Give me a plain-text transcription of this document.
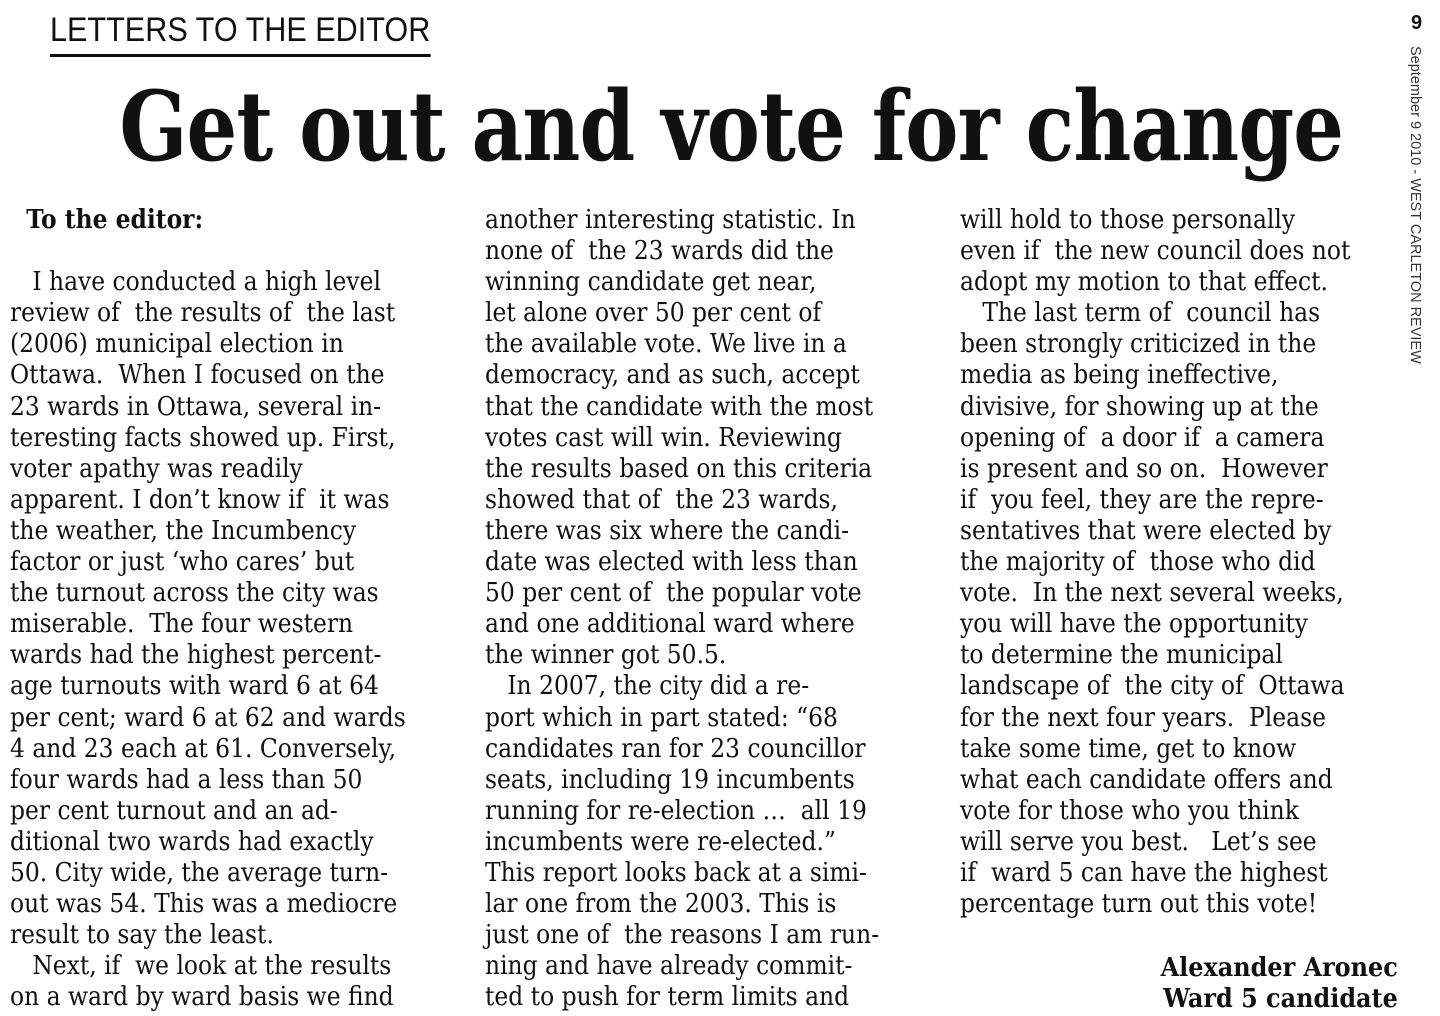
LETTERS TO THE EDITOR	9
September 9 2010 - WEST CARLETON REVIEW
Get out and vote for change
To the editor:

I have conducted a high level
review of  the results of  the last
(2006) municipal election in
Ottawa.  When I focused on the
23 wards in Ottawa, several in-
teresting facts showed up. First,
voter apathy was readily
apparent. I don’t know if  it was
the weather, the Incumbency
factor or just ‘who cares’ but
the turnout across the city was
miserable.  The four western
wards had the highest percent-
age turnouts with ward 6 at 64
per cent; ward 6 at 62 and wards
4 and 23 each at 61. Conversely,
four wards had a less than 50
per cent turnout and an ad-
ditional two wards had exactly
50. City wide, the average turn-
out was 54. This was a mediocre
result to say the least.
Next, if  we look at the results
on a ward by ward basis we find
another interesting statistic. In
none of  the 23 wards did the
winning candidate get near,
let alone over 50 per cent of
the available vote. We live in a
democracy, and as such, accept
that the candidate with the most
votes cast will win. Reviewing
the results based on this criteria
showed that of  the 23 wards,
there was six where the candi-
date was elected with less than
50 per cent of  the popular vote
and one additional ward where
the winner got 50.5.
In 2007, the city did a re-
port which in part stated: “68
candidates ran for 23 councillor
seats, including 19 incumbents
running for re-election …  all 19
incumbents were re-elected.”
This report looks back at a simi-
lar one from the 2003. This is
just one of  the reasons I am run-
ning and have already commit-
ted to push for term limits and
will hold to those personally
even if  the new council does not
adopt my motion to that effect.
The last term of  council has
been strongly criticized in the
media as being ineffective,
divisive, for showing up at the
opening of  a door if  a camera
is present and so on.  However
if  you feel, they are the repre-
sentatives that were elected by
the majority of  those who did
vote.  In the next several weeks,
you will have the opportunity
to determine the municipal
landscape of  the city of  Ottawa
for the next four years.  Please
take some time, get to know
what each candidate offers and
vote for those who you think
will serve you best.   Let’s see
if  ward 5 can have the highest
percentage turn out this vote!
Alexander Aronec
Ward 5 candidate
